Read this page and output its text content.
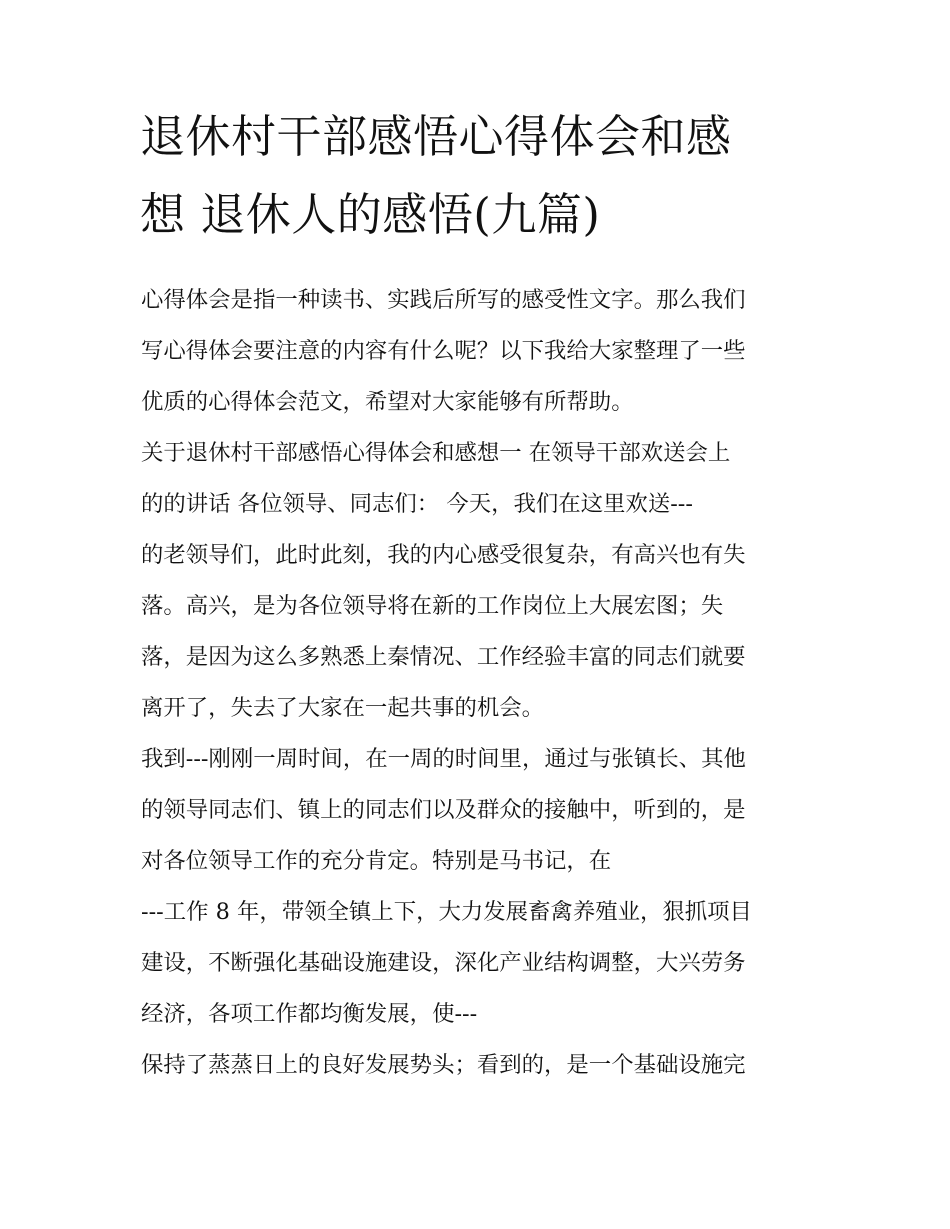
退休村干部感悟心得体会和感
想 退休人的感悟(九篇)
心得体会是指一种读书、实践后所写的感受性文字。那么我们
写心得体会要注意的内容有什么呢？以下我给大家整理了一些
优质的心得体会范文，希望对大家能够有所帮助。
关于退休村干部感悟心得体会和感想一 在领导干部欢送会上
的的讲话 各位领导、同志们： 今天，我们在这里欢送---
的老领导们，此时此刻，我的内心感受很复杂，有高兴也有失
落。高兴，是为各位领导将在新的工作岗位上大展宏图；失
落，是因为这么多熟悉上秦情况、工作经验丰富的同志们就要
离开了，失去了大家在一起共事的机会。
我到---刚刚一周时间，在一周的时间里，通过与张镇长、其他
的领导同志们、镇上的同志们以及群众的接触中，听到的，是
对各位领导工作的充分肯定。特别是马书记，在
---工作 8 年，带领全镇上下，大力发展畜禽养殖业，狠抓项目
建设，不断强化基础设施建设，深化产业结构调整，大兴劳务
经济，各项工作都均衡发展，使---
保持了蒸蒸日上的良好发展势头；看到的，是一个基础设施完
